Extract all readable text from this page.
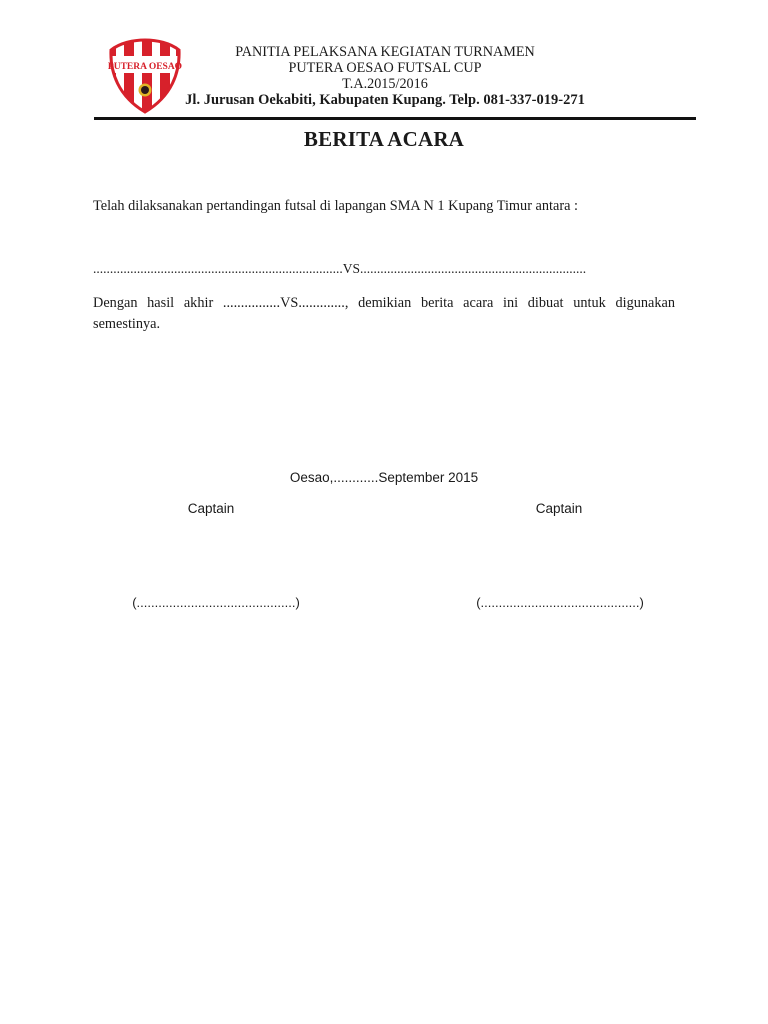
PUTERA OESAO
PANITIA PELAKSANA KEGIATAN TURNAMEN
PUTERA OESAO FUTSAL CUP
T.A.2015/2016
Jl. Jurusan Oekabiti, Kabupaten Kupang. Telp. 081-337-019-271
BERITA ACARA
Telah dilaksanakan pertandingan futsal di lapangan SMA N 1 Kupang Timur antara :
..........................................................................VS...................................................................
Dengan hasil akhir ................VS............., demikian berita acara ini dibuat untuk digunakan semestinya.
Oesao,............September 2015
Captain	Captain
(............................................)	(............................................)
